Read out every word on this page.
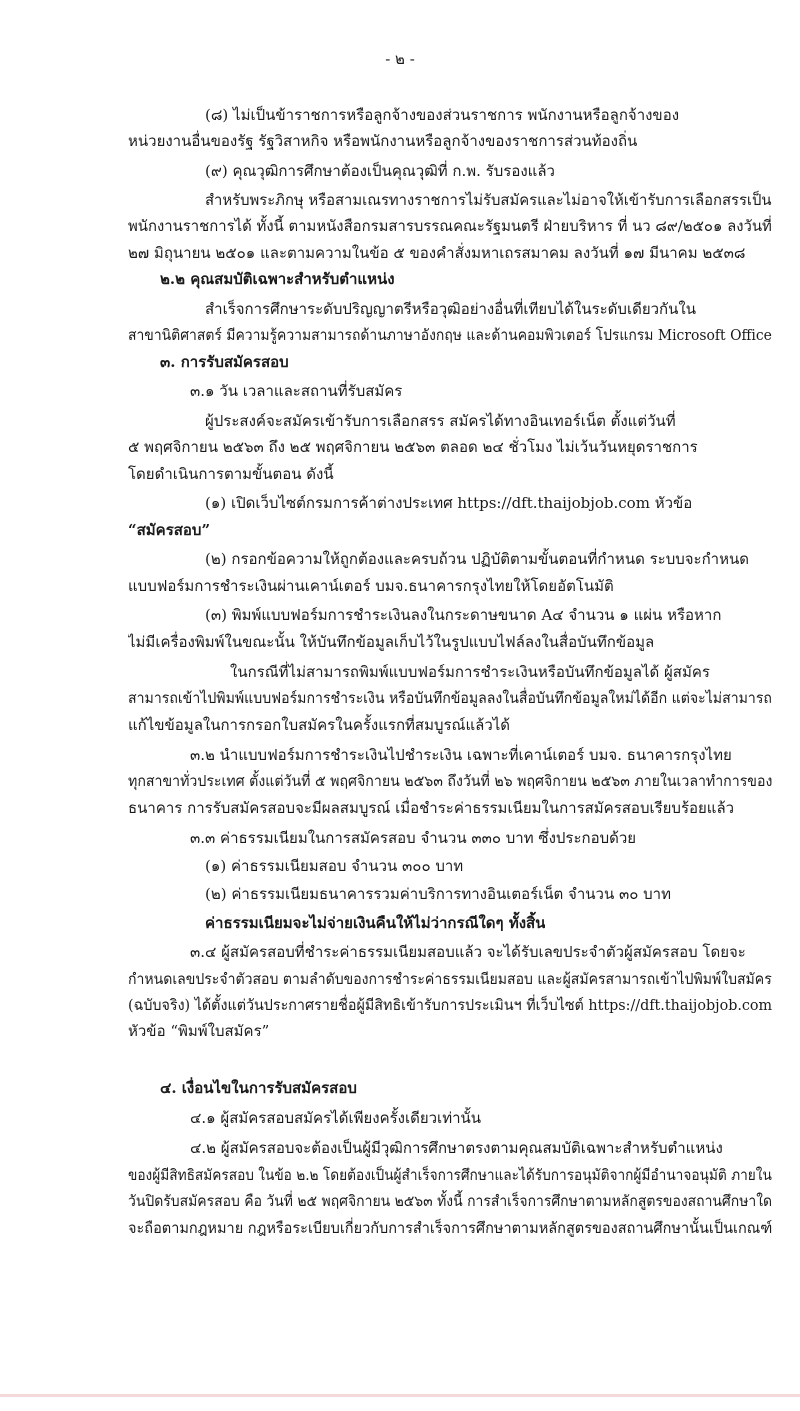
- ๒ -
(๘) ไม่เป็นข้าราชการหรือลูกจ้างของส่วนราชการ พนักงานหรือลูกจ้างของ
หน่วยงานอื่นของรัฐ รัฐวิสาหกิจ หรือพนักงานหรือลูกจ้างของราชการส่วนท้องถิ่น
(๙) คุณวุฒิการศึกษาต้องเป็นคุณวุฒิที่ ก.พ. รับรองแล้ว
สำหรับพระภิกษุ หรือสามเณรทางราชการไม่รับสมัครและไม่อาจให้เข้ารับการเลือกสรรเป็น
พนักงานราชการได้ ทั้งนี้ ตามหนังสือกรมสารบรรณคณะรัฐมนตรี ฝ่ายบริหาร ที่ นว ๘๙/๒๕๐๑ ลงวันที่
๒๗ มิถุนายน ๒๕๐๑ และตามความในข้อ ๕ ของคำสั่งมหาเถรสมาคม ลงวันที่ ๑๗ มีนาคม ๒๕๓๘
๒.๒ คุณสมบัติเฉพาะสำหรับตำแหน่ง
สำเร็จการศึกษาระดับปริญญาตรีหรือวุฒิอย่างอื่นที่เทียบได้ในระดับเดียวกันใน
สาขานิติศาสตร์ มีความรู้ความสามารถด้านภาษาอังกฤษ และด้านคอมพิวเตอร์ โปรแกรม Microsoft Office
๓. การรับสมัครสอบ
๓.๑ วัน เวลาและสถานที่รับสมัคร
ผู้ประสงค์จะสมัครเข้ารับการเลือกสรร สมัครได้ทางอินเทอร์เน็ต ตั้งแต่วันที่
๕ พฤศจิกายน ๒๕๖๓ ถึง ๒๕ พฤศจิกายน ๒๕๖๓ ตลอด ๒๔ ชั่วโมง ไม่เว้นวันหยุดราชการ
โดยดำเนินการตามขั้นตอน ดังนี้
(๑) เปิดเว็บไซต์กรมการค้าต่างประเทศ https://dft.thaijobjob.com หัวข้อ
“สมัครสอบ”
(๒) กรอกข้อความให้ถูกต้องและครบถ้วน ปฏิบัติตามขั้นตอนที่กำหนด ระบบจะกำหนด
แบบฟอร์มการชำระเงินผ่านเคาน์เตอร์ บมจ.ธนาคารกรุงไทยให้โดยอัตโนมัติ
(๓) พิมพ์แบบฟอร์มการชำระเงินลงในกระดาษขนาด A๔ จำนวน ๑ แผ่น หรือหาก
ไม่มีเครื่องพิมพ์ในขณะนั้น ให้บันทึกข้อมูลเก็บไว้ในรูปแบบไฟล์ลงในสื่อบันทึกข้อมูล
ในกรณีที่ไม่สามารถพิมพ์แบบฟอร์มการชำระเงินหรือบันทึกข้อมูลได้ ผู้สมัคร
สามารถเข้าไปพิมพ์แบบฟอร์มการชำระเงิน หรือบันทึกข้อมูลลงในสื่อบันทึกข้อมูลใหม่ได้อีก แต่จะไม่สามารถ
แก้ไขข้อมูลในการกรอกใบสมัครในครั้งแรกที่สมบูรณ์แล้วได้
๓.๒ นำแบบฟอร์มการชำระเงินไปชำระเงิน เฉพาะที่เคาน์เตอร์ บมจ. ธนาคารกรุงไทย
ทุกสาขาทั่วประเทศ ตั้งแต่วันที่ ๕ พฤศจิกายน ๒๕๖๓ ถึงวันที่ ๒๖ พฤศจิกายน ๒๕๖๓ ภายในเวลาทำการของ
ธนาคาร การรับสมัครสอบจะมีผลสมบูรณ์ เมื่อชำระค่าธรรมเนียมในการสมัครสอบเรียบร้อยแล้ว
๓.๓ ค่าธรรมเนียมในการสมัครสอบ จำนวน ๓๓๐ บาท ซึ่งประกอบด้วย
(๑) ค่าธรรมเนียมสอบ จำนวน ๓๐๐ บาท
(๒) ค่าธรรมเนียมธนาคารรวมค่าบริการทางอินเตอร์เน็ต จำนวน ๓๐ บาท
ค่าธรรมเนียมจะไม่จ่ายเงินคืนให้ไม่ว่ากรณีใดๆ ทั้งสิ้น
๓.๔ ผู้สมัครสอบที่ชำระค่าธรรมเนียมสอบแล้ว จะได้รับเลขประจำตัวผู้สมัครสอบ โดยจะ
กำหนดเลขประจำตัวสอบ ตามลำดับของการชำระค่าธรรมเนียมสอบ และผู้สมัครสามารถเข้าไปพิมพ์ใบสมัคร
(ฉบับจริง) ได้ตั้งแต่วันประกาศรายชื่อผู้มีสิทธิเข้ารับการประเมินฯ ที่เว็บไซต์ https://dft.thaijobjob.com
หัวข้อ “พิมพ์ใบสมัคร”
๔. เงื่อนไขในการรับสมัครสอบ
๔.๑ ผู้สมัครสอบสมัครได้เพียงครั้งเดียวเท่านั้น
๔.๒ ผู้สมัครสอบจะต้องเป็นผู้มีวุฒิการศึกษาตรงตามคุณสมบัติเฉพาะสำหรับตำแหน่ง
ของผู้มีสิทธิสมัครสอบ ในข้อ ๒.๒ โดยต้องเป็นผู้สำเร็จการศึกษาและได้รับการอนุมัติจากผู้มีอำนาจอนุมัติ ภายใน
วันปิดรับสมัครสอบ คือ วันที่ ๒๕ พฤศจิกายน ๒๕๖๓ ทั้งนี้ การสำเร็จการศึกษาตามหลักสูตรของสถานศึกษาใด
จะถือตามกฎหมาย กฎหรือระเบียบเกี่ยวกับการสำเร็จการศึกษาตามหลักสูตรของสถานศึกษานั้นเป็นเกณฑ์
